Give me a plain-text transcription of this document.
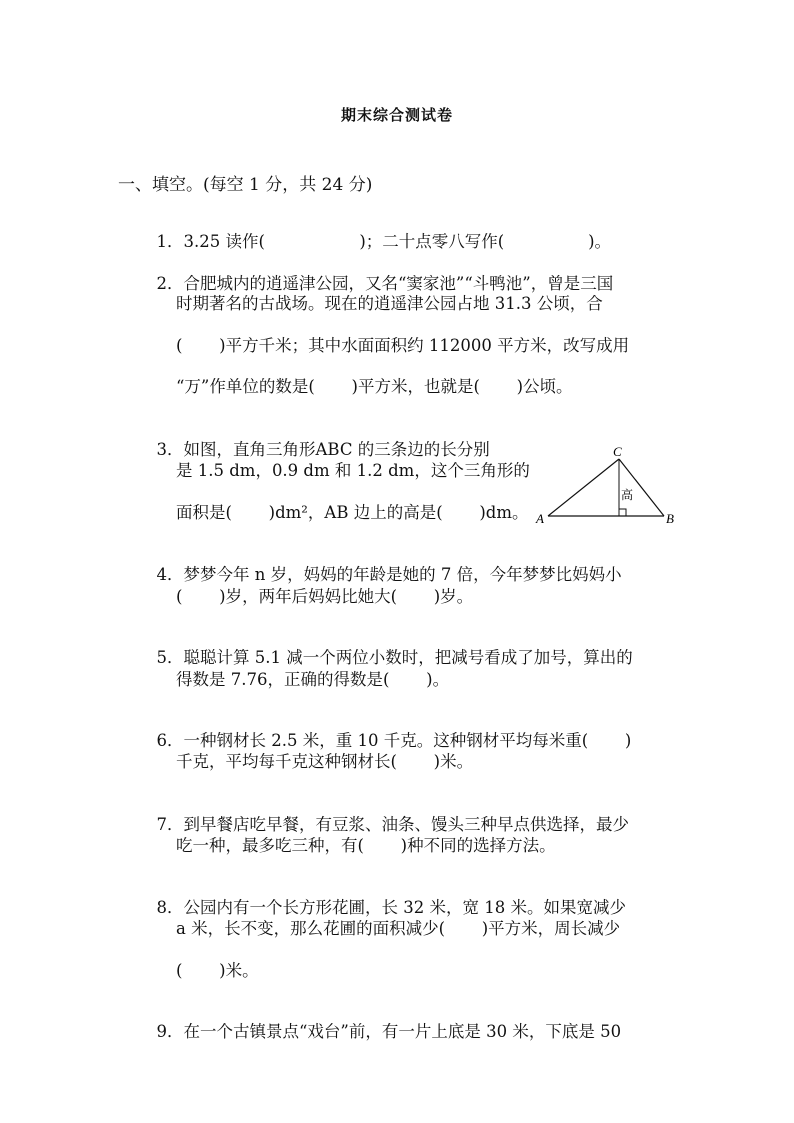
期末综合测试卷
一、填空。(每空 1 分，共 24 分)

1．3.25 读作(                  )；二十点零八写作(                )。

2．合肥城内的逍遥津公园，又名“窦家池”“斗鸭池”，曾是三国

时期著名的古战场。现在的逍遥津公园占地 31.3 公顷，合
(       )平方千米；其中水面面积约 112000 平方米，改写成用
“万”作单位的数是(       )平方米，也就是(       )公顷。

3．如图，直角三角形ABC 的三条边的长分别

是 1.5 dm，0.9 dm 和 1.2 dm，这个三角形的
面积是(       )dm²，AB 边上的高是(       )dm。 A	B
C
高

4．梦梦今年 n 岁，妈妈的年龄是她的 7 倍，今年梦梦比妈妈小

(       )岁，两年后妈妈比她大(       )岁。

5．聪聪计算 5.1 减一个两位小数时，把减号看成了加号，算出的

得数是 7.76，正确的得数是(       )。

6．一种钢材长 2.5 米，重 10 千克。这种钢材平均每米重(       )

千克，平均每千克这种钢材长(       )米。

7．到早餐店吃早餐，有豆浆、油条、馒头三种早点供选择，最少

吃一种，最多吃三种，有(       )种不同的选择方法。

8．公园内有一个长方形花圃，长 32 米，宽 18 米。如果宽减少

a 米，长不变，那么花圃的面积减少(       )平方米，周长减少
(       )米。

9．在一个古镇景点“戏台”前，有一片上底是 30 米，下底是 50
